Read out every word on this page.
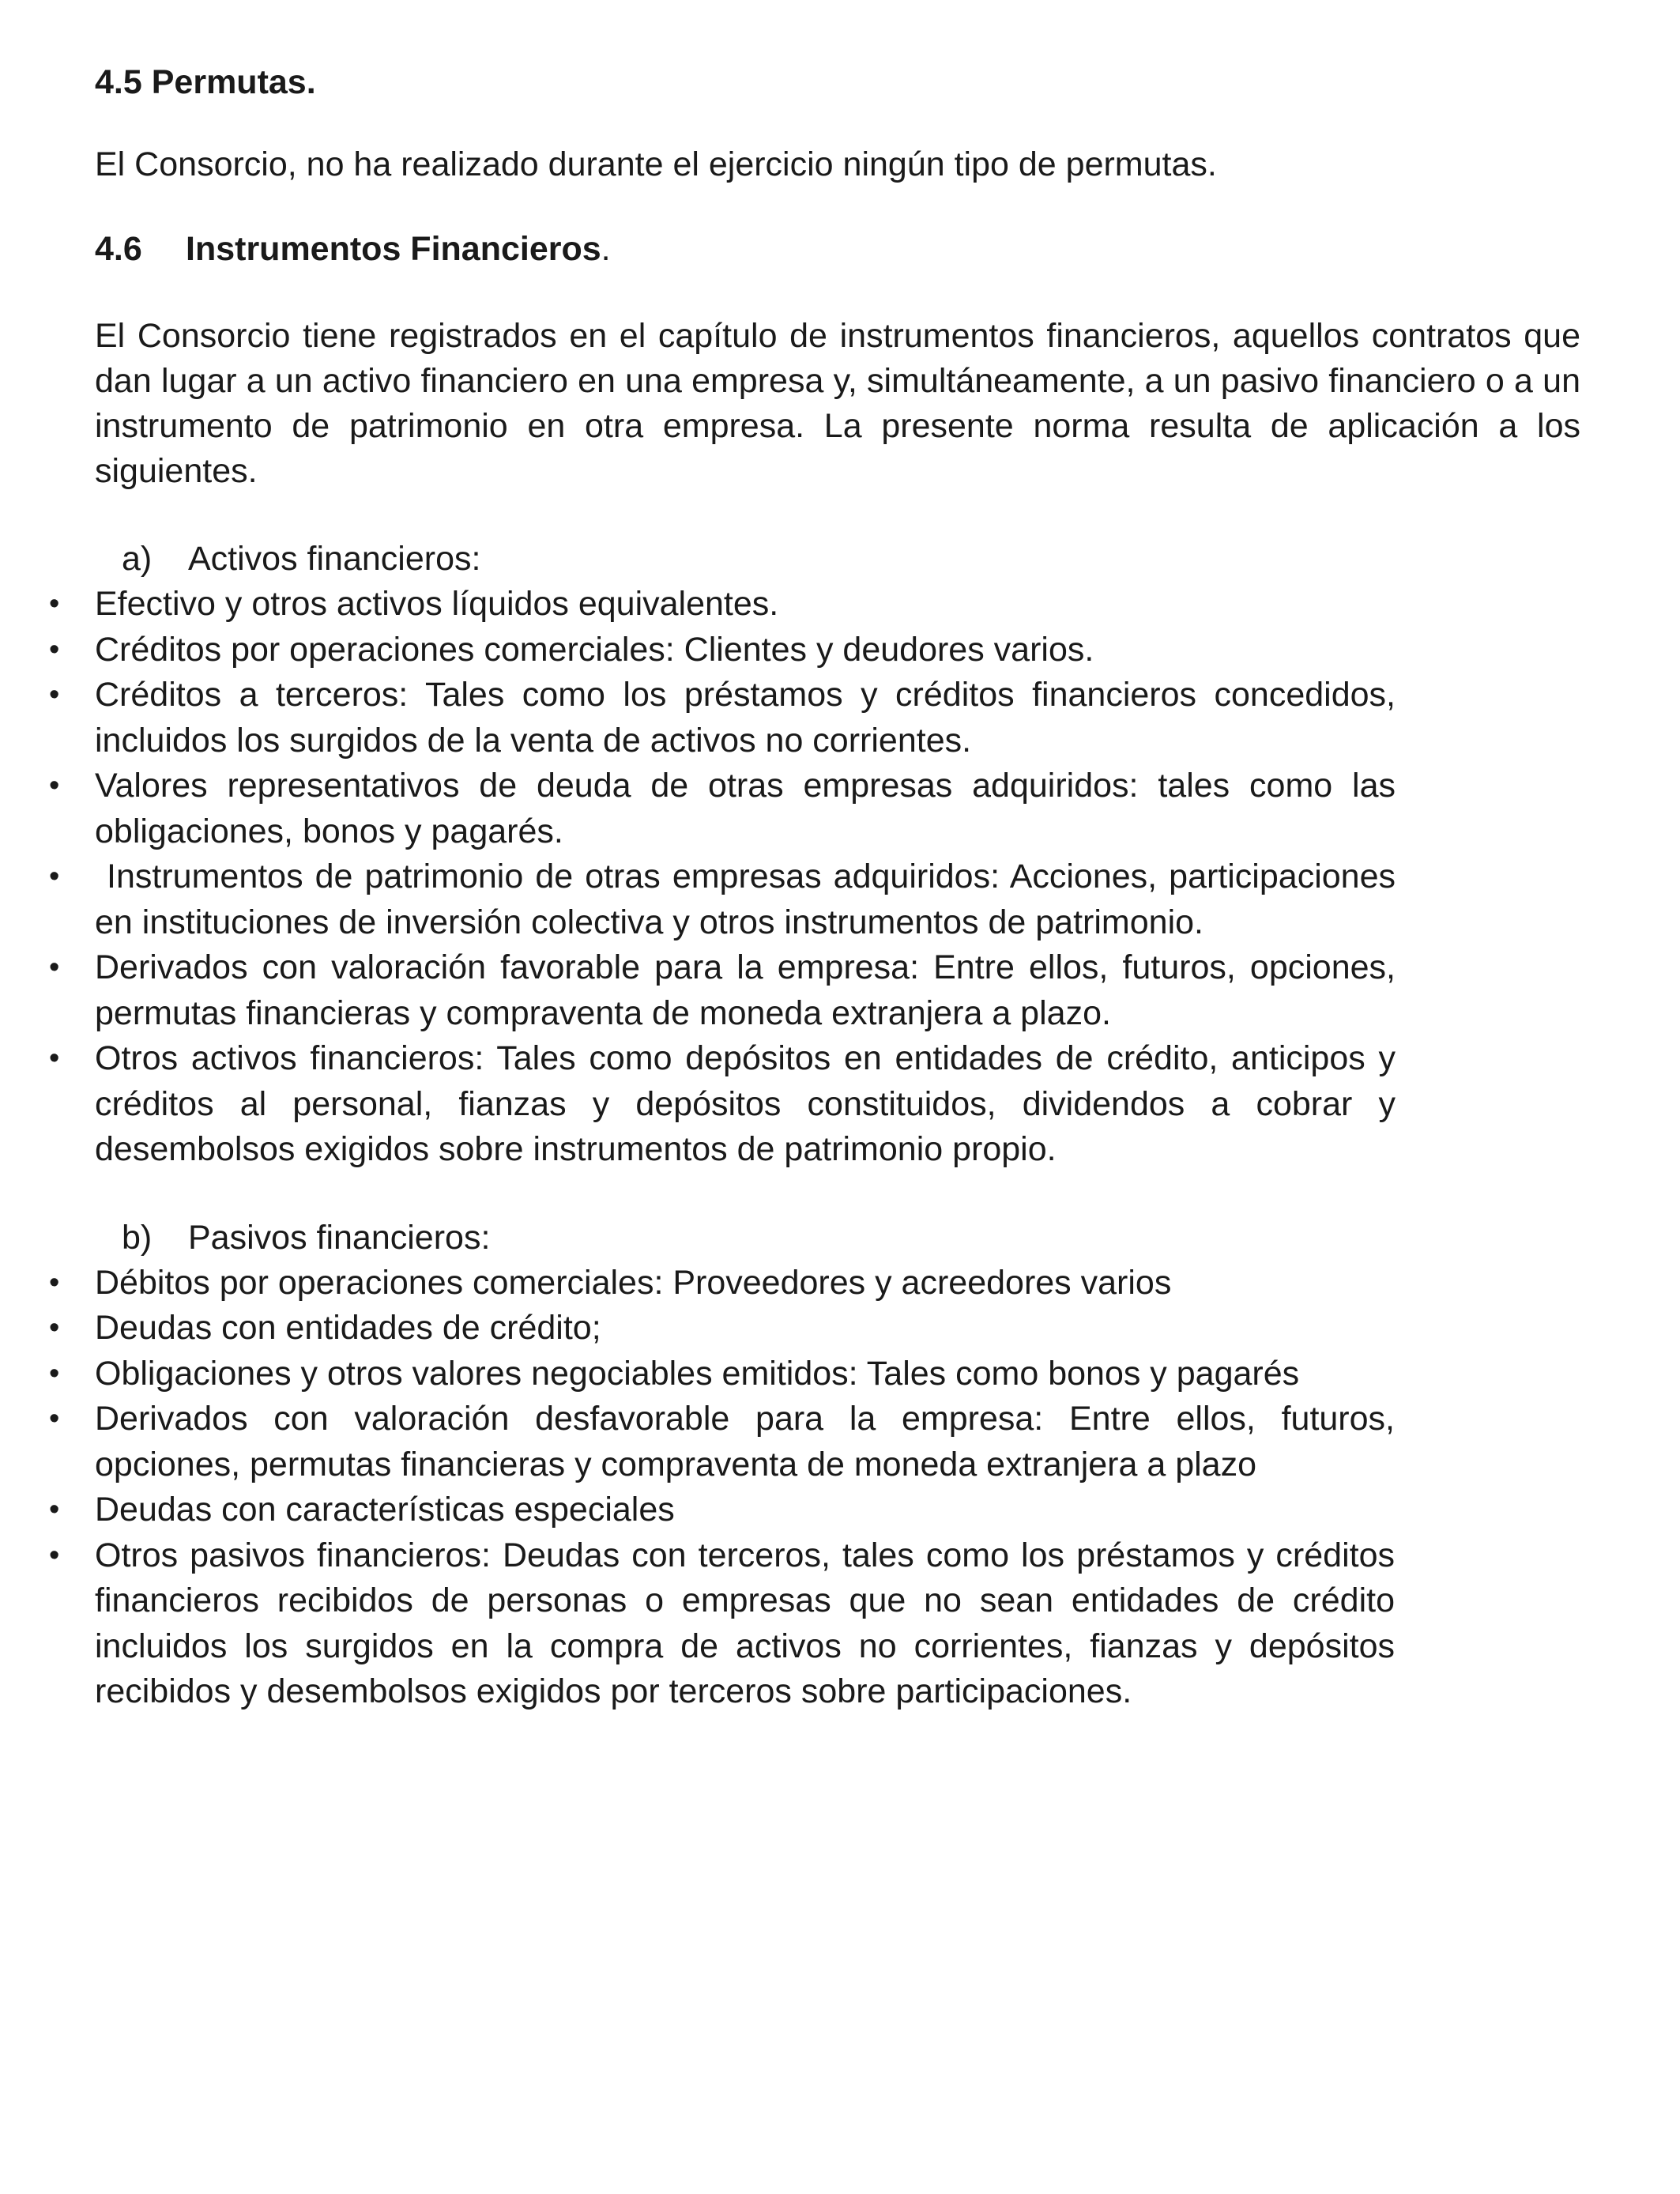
4.5 Permutas.

El Consorcio, no ha realizado durante el ejercicio ningún tipo de permutas.

4.6 Instrumentos Financieros.

El Consorcio tiene registrados en el capítulo de instrumentos financieros, aquellos contratos que dan lugar a un activo financiero en una empresa y, simultáneamente, a un pasivo financiero o a un instrumento de patrimonio en otra empresa. La presente norma resulta de aplicación a los siguientes.

a) Activos financieros:
• Efectivo y otros activos líquidos equivalentes.
• Créditos por operaciones comerciales: Clientes y deudores varios.
• Créditos a terceros: Tales como los préstamos y créditos financieros concedidos, incluidos los surgidos de la venta de activos no corrientes.
• Valores representativos de deuda de otras empresas adquiridos: tales como las obligaciones, bonos y pagarés.
• Instrumentos de patrimonio de otras empresas adquiridos: Acciones, participaciones en instituciones de inversión colectiva y otros instrumentos de patrimonio.
• Derivados con valoración favorable para la empresa: Entre ellos, futuros, opciones, permutas financieras y compraventa de moneda extranjera a plazo.
• Otros activos financieros: Tales como depósitos en entidades de crédito, anticipos y créditos al personal, fianzas y depósitos constituidos, dividendos a cobrar y desembolsos exigidos sobre instrumentos de patrimonio propio.
b) Pasivos financieros:
• Débitos por operaciones comerciales: Proveedores y acreedores varios
• Deudas con entidades de crédito;
• Obligaciones y otros valores negociables emitidos: Tales como bonos y pagarés
• Derivados con valoración desfavorable para la empresa: Entre ellos, futuros, opciones, permutas financieras y compraventa de moneda extranjera a plazo
• Deudas con características especiales
• Otros pasivos financieros: Deudas con terceros, tales como los préstamos y créditos financieros recibidos de personas o empresas que no sean entidades de crédito incluidos los surgidos en la compra de activos no corrientes, fianzas y depósitos recibidos y desembolsos exigidos por terceros sobre participaciones.
